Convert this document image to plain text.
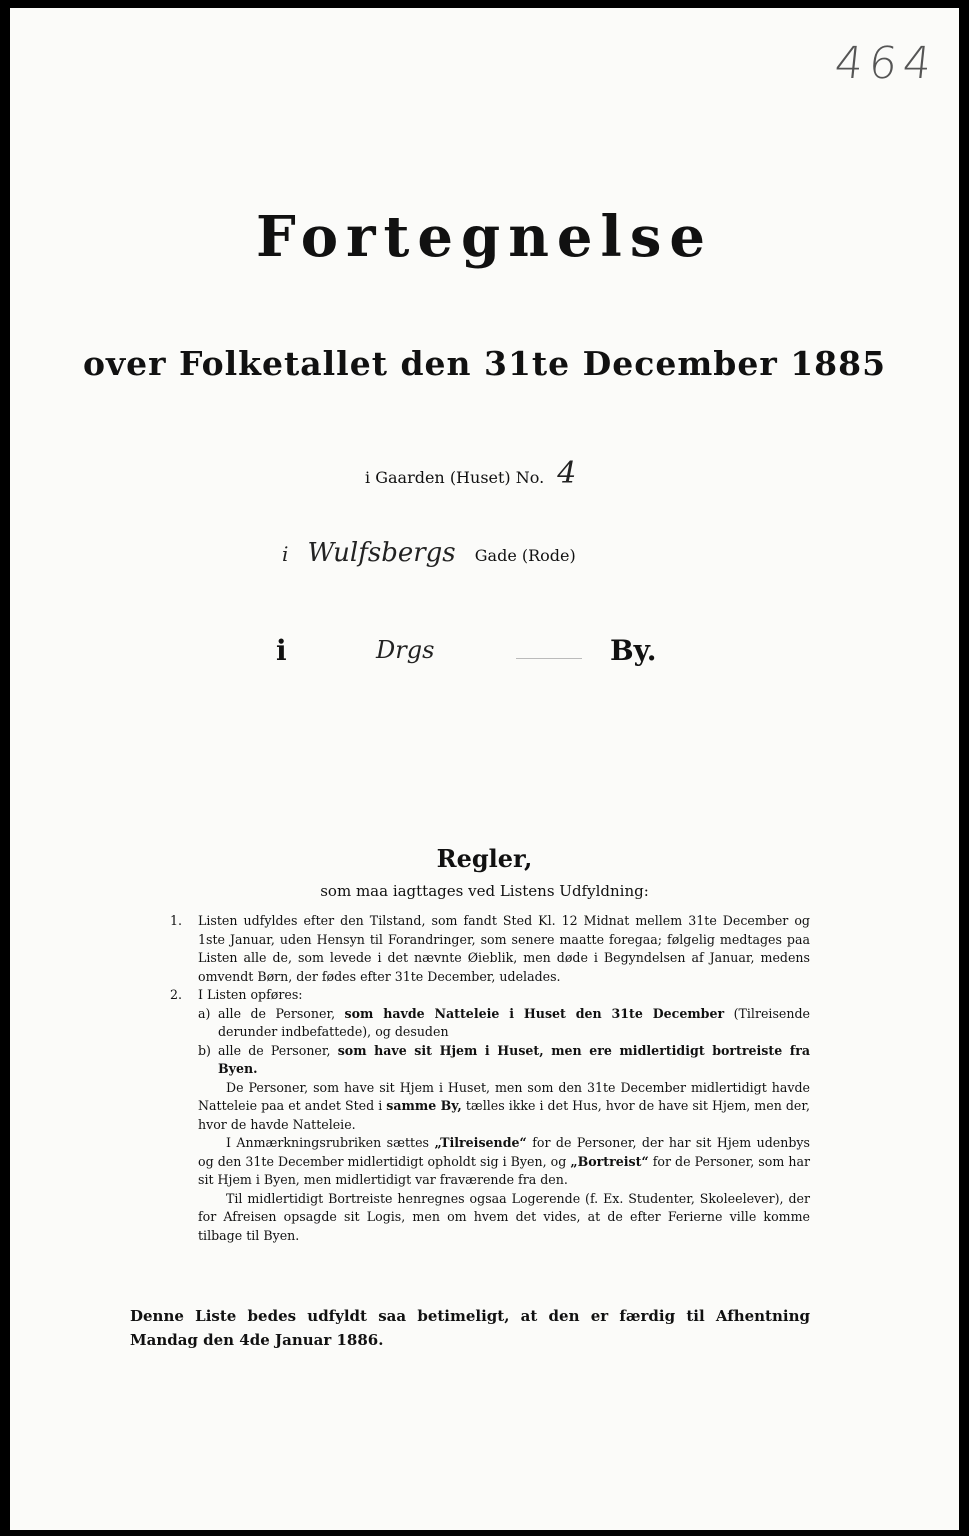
464
Fortegnelse
over Folketallet den 31te December 1885
i Gaarden (Huset) No. 4
i Wulfsbergs Gade (Rode)
i	Drgs	By.
Regler,
som maa iagttages ved Listens Udfyldning:
1. Listen udfyldes efter den Tilstand, som fandt Sted Kl. 12 Midnat mellem 31te December og 1ste Januar, uden Hensyn til Forandringer, som senere maatte foregaa; følgelig medtages paa Listen alle de, som levede i det nævnte Øieblik, men døde i Begyndelsen af Januar, medens omvendt Børn, der fødes efter 31te December, udelades.
2. I Listen opføres:
a) alle de Personer, som havde Natteleie i Huset den 31te December (Tilreisende derunder indbefattede), og desuden
b) alle de Personer, som have sit Hjem i Huset, men ere midlertidigt bortreiste fra Byen.
De Personer, som have sit Hjem i Huset, men som den 31te December midlertidigt havde Natteleie paa et andet Sted i samme By, tælles ikke i det Hus, hvor de have sit Hjem, men der, hvor de havde Natteleie.
I Anmærkningsrubriken sættes „Tilreisende“ for de Personer, der har sit Hjem udenbys og den 31te December midlertidigt opholdt sig i Byen, og „Bortreist“ for de Personer, som har sit Hjem i Byen, men midlertidigt var fraværende fra den.
Til midlertidigt Bortreiste henregnes ogsaa Logerende (f. Ex. Studenter, Skoleelever), der for Afreisen opsagde sit Logis, men om hvem det vides, at de efter Ferierne ville komme tilbage til Byen.
Denne Liste bedes udfyldt saa betimeligt, at den er færdig til Afhentning Mandag den 4de Januar 1886.
